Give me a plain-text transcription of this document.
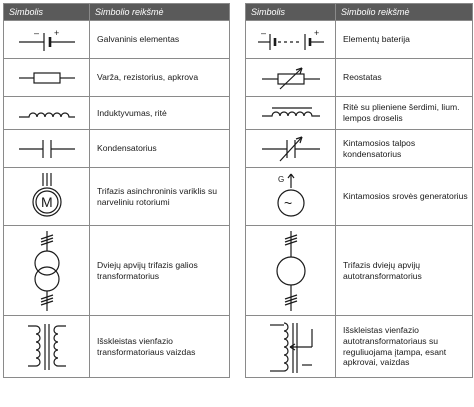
Simbolis	Simbolio reikšmė

– +	Galvaninis elementas

	Varža, rezistorius, apkrova

	Induktyvumas, ritė

	Kondensatorius

M	Trifazis asinchroninis variklis su narveliniu rotoriumi

	Dviejų apvijų trifazis galios transformatorius

	Išskleistas vienfazio transformatoriaus vaizdas
Simbolis	Simbolio reikšmė

– +	Elementų baterija

	Reostatas

	Ritė su plieniene šerdimi, lium. lempos droselis

	Kintamosios talpos kondensatorius

G
~	Kintamosios srovės generatorius

	Trifazis dviejų apvijų autotransformatorius

	Išskleistas vienfazio autotransformatoriaus su reguliuojama įtampa, esant apkrovai, vaizdas
